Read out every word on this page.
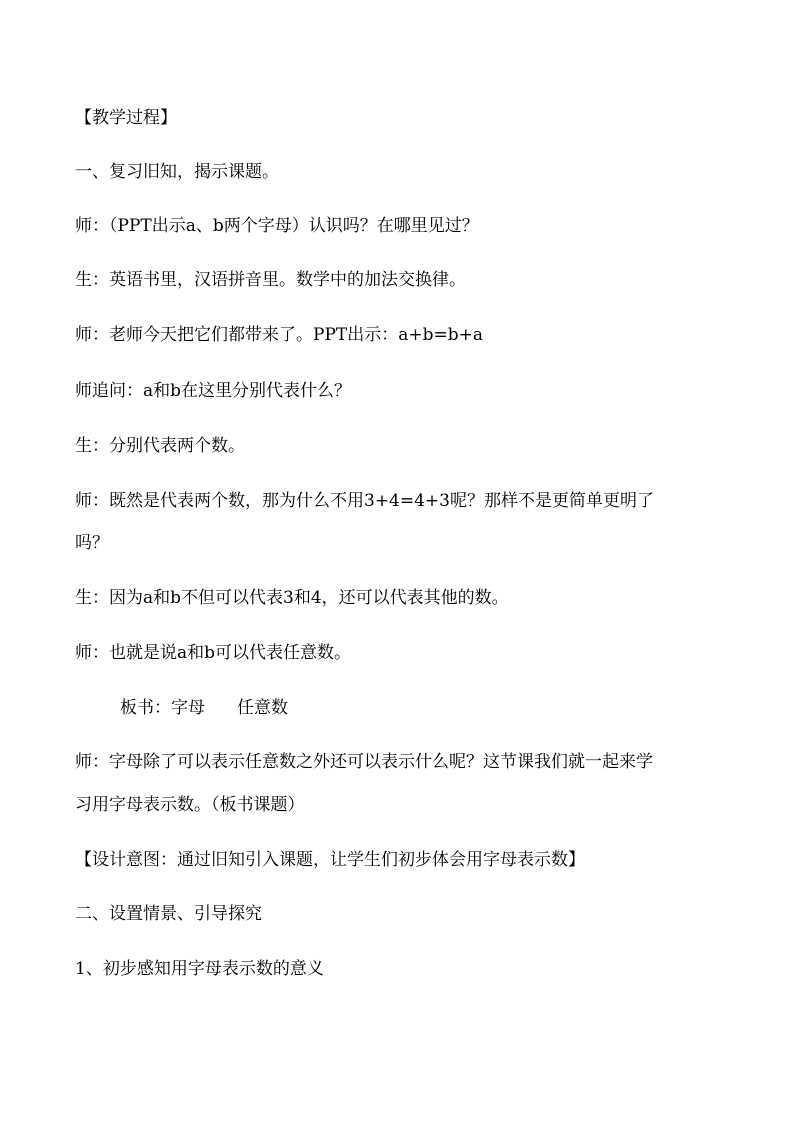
【教学过程】
一、复习旧知，揭示课题。
师：（PPT出示a、b两个字母）认识吗？在哪里见过？
生：英语书里，汉语拼音里。数学中的加法交换律。
师：老师今天把它们都带来了。PPT出示：a+b=b+a
师追问：a和b在这里分别代表什么？
生：分别代表两个数。
师：既然是代表两个数，那为什么不用3+4=4+3呢？那样不是更简单更明了
吗？
生：因为a和b不但可以代表3和4，还可以代表其他的数。
师：也就是说a和b可以代表任意数。
板书：字母 任意数
师：字母除了可以表示任意数之外还可以表示什么呢？这节课我们就一起来学
习用字母表示数。（板书课题）
【设计意图：通过旧知引入课题，让学生们初步体会用字母表示数】
二、设置情景、引导探究
1、初步感知用字母表示数的意义
